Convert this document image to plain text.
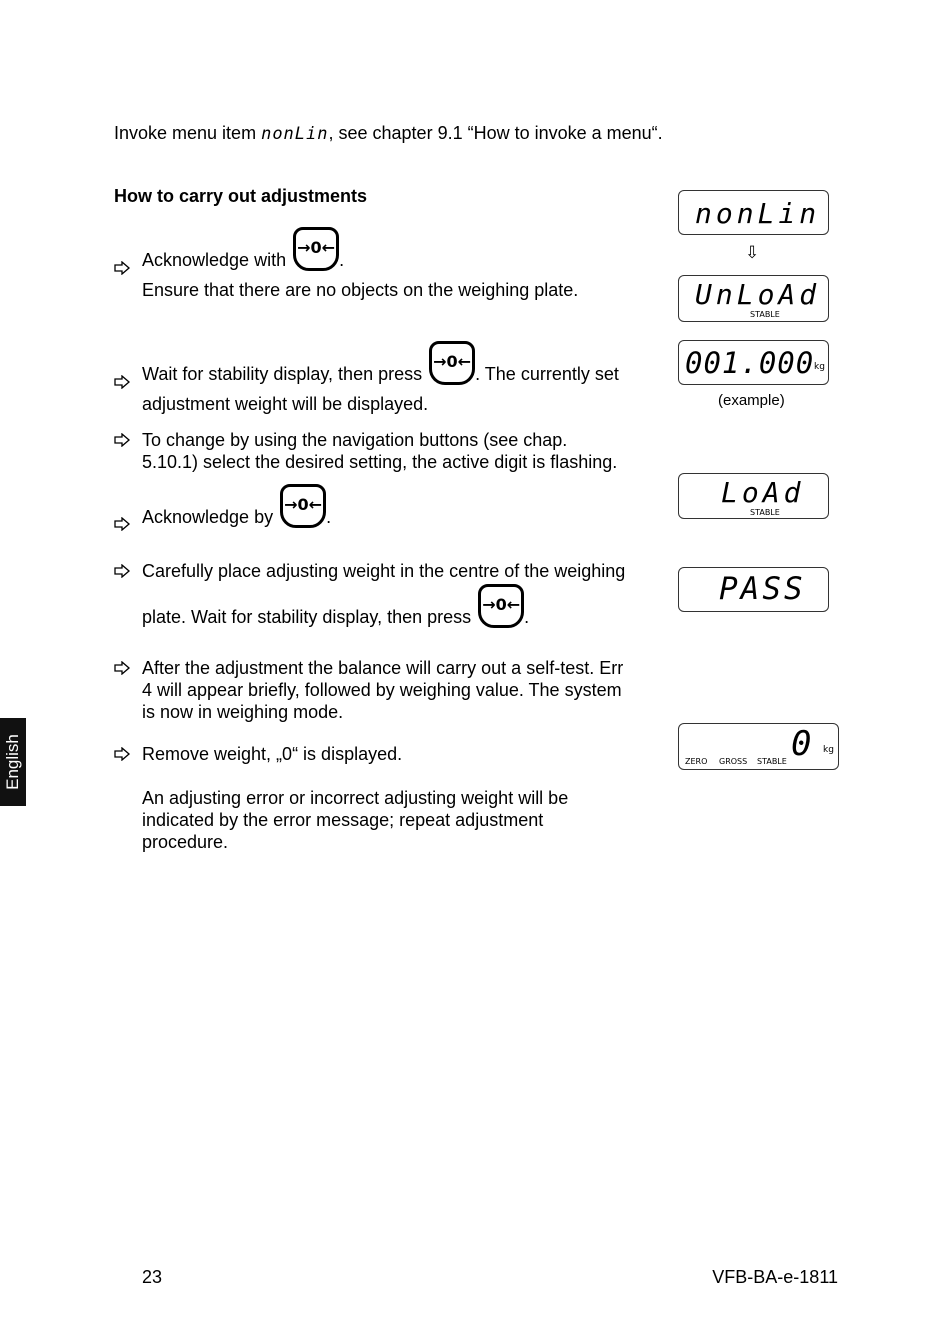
Invoke menu item nonLin, see chapter 9.1 “How to invoke a menu“.
How to carry out adjustments
Acknowledge with →0←.
Ensure that there are no objects on the weighing plate.
Wait for stability display, then press →0←. The currently set
adjustment weight will be displayed.
To change by using the navigation buttons (see chap.
5.10.1) select the desired setting, the active digit is flashing.
Acknowledge by →0←.
Carefully place adjusting weight in the centre of the weighing
plate. Wait for stability display, then press →0←.
After the adjustment the balance will carry out a self-test. Err
4 will appear briefly, followed by weighing value. The system
is now in weighing mode.
Remove weight, „0“ is displayed.
An adjusting error or incorrect adjusting weight will be
indicated by the error message; repeat adjustment
procedure.
nonLin
⇩
UnLoAd
STABLE
001.000 kg
(example)
LoAd
STABLE
PASS
ZERO GROSS STABLE 0 kg
English
23	VFB-BA-e-1811
